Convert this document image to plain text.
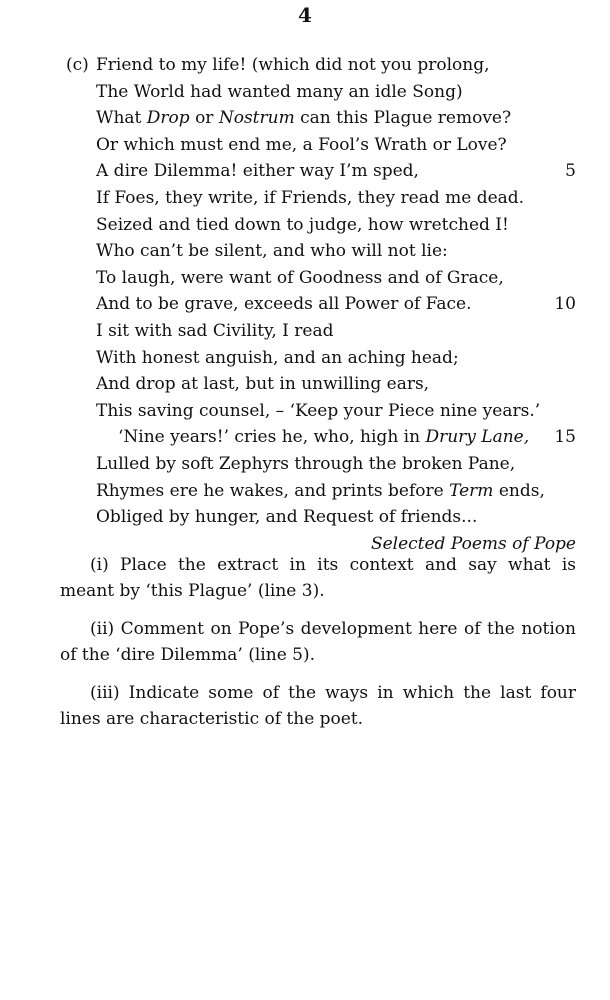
4
(c) Friend to my life! (which did not you prolong,
The World had wanted many an idle Song)
What Drop or Nostrum can this Plague remove?
Or which must end me, a Fool’s Wrath or Love?
A dire Dilemma! either way I’m sped,	5
If Foes, they write, if Friends, they read me dead.
Seized and tied down to judge, how wretched I!
Who can’t be silent, and who will not lie:
To laugh, were want of Goodness and of Grace,
And to be grave, exceeds all Power of Face.	10
I sit with sad Civility, I read
With honest anguish, and an aching head;
And drop at last, but in unwilling ears,
This saving counsel, – ‘Keep your Piece nine years.’
‘Nine years!’ cries he, who, high in Drury Lane, 15
Lulled by soft Zephyrs through the broken Pane,
Rhymes ere he wakes, and prints before Term ends,
Obliged by hunger, and Request of friends...
Selected Poems of Pope

(i) Place the extract in its context and say what is meant by ‘this Plague’ (line 3).

(ii) Comment on Pope’s development here of the notion of the ‘dire Dilemma’ (line 5).

(iii) Indicate some of the ways in which the last four lines are characteristic of the poet.
